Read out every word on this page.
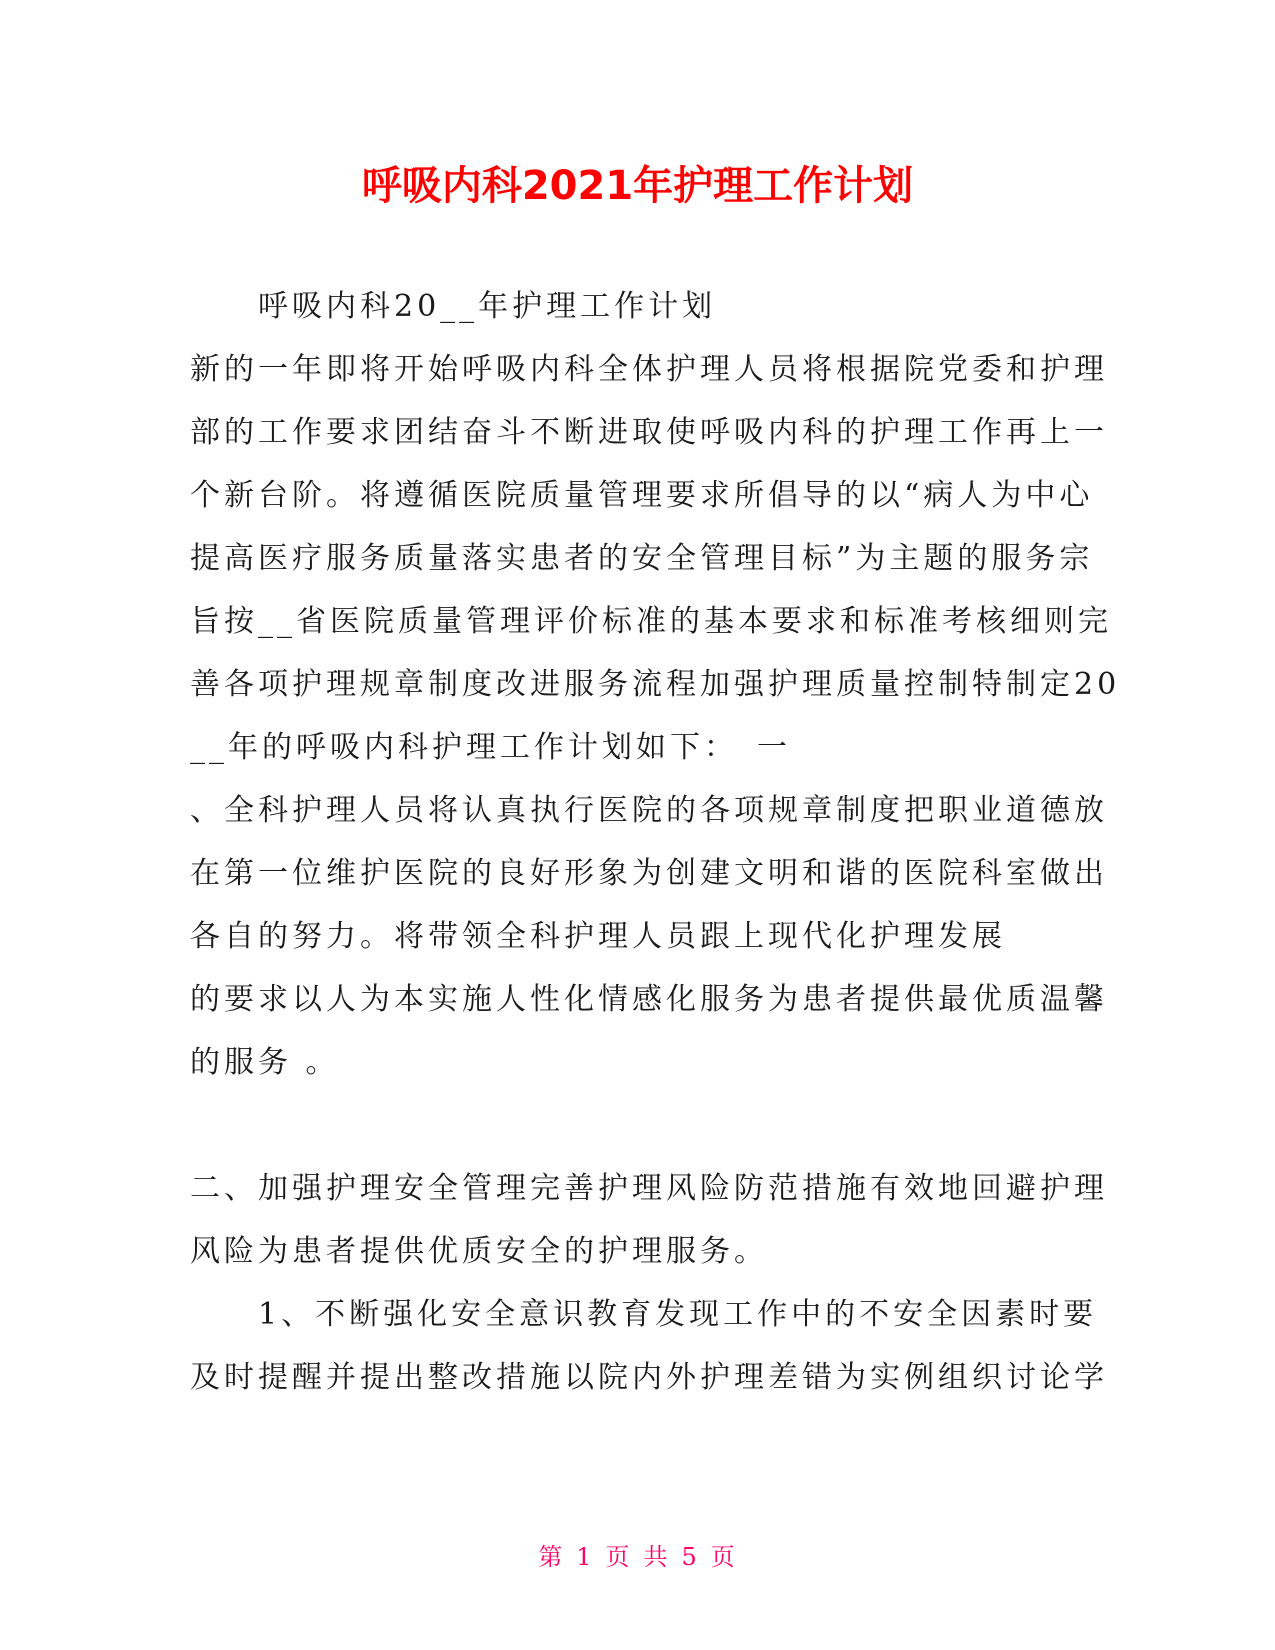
呼吸内科2021年护理工作计划
　　呼吸内科20__年护理工作计划
新的一年即将开始呼吸内科全体护理人员将根据院党委和护理
部的工作要求团结奋斗不断进取使呼吸内科的护理工作再上一
个新台阶。将遵循医院质量管理要求所倡导的以“病人为中心
提高医疗服务质量落实患者的安全管理目标”为主题的服务宗
旨按__省医院质量管理评价标准的基本要求和标准考核细则完
善各项护理规章制度改进服务流程加强护理质量控制特制定20
__年的呼吸内科护理工作计划如下：　一
、全科护理人员将认真执行医院的各项规章制度把职业道德放
在第一位维护医院的良好形象为创建文明和谐的医院科室做出
各自的努力。将带领全科护理人员跟上现代化护理发展
的要求以人为本实施人性化情感化服务为患者提供最优质温馨
的服务 。
二、加强护理安全管理完善护理风险防范措施有效地回避护理
风险为患者提供优质安全的护理服务。
　　1、不断强化安全意识教育发现工作中的不安全因素时要
及时提醒并提出整改措施以院内外护理差错为实例组织讨论学
第 1 页 共 5 页
